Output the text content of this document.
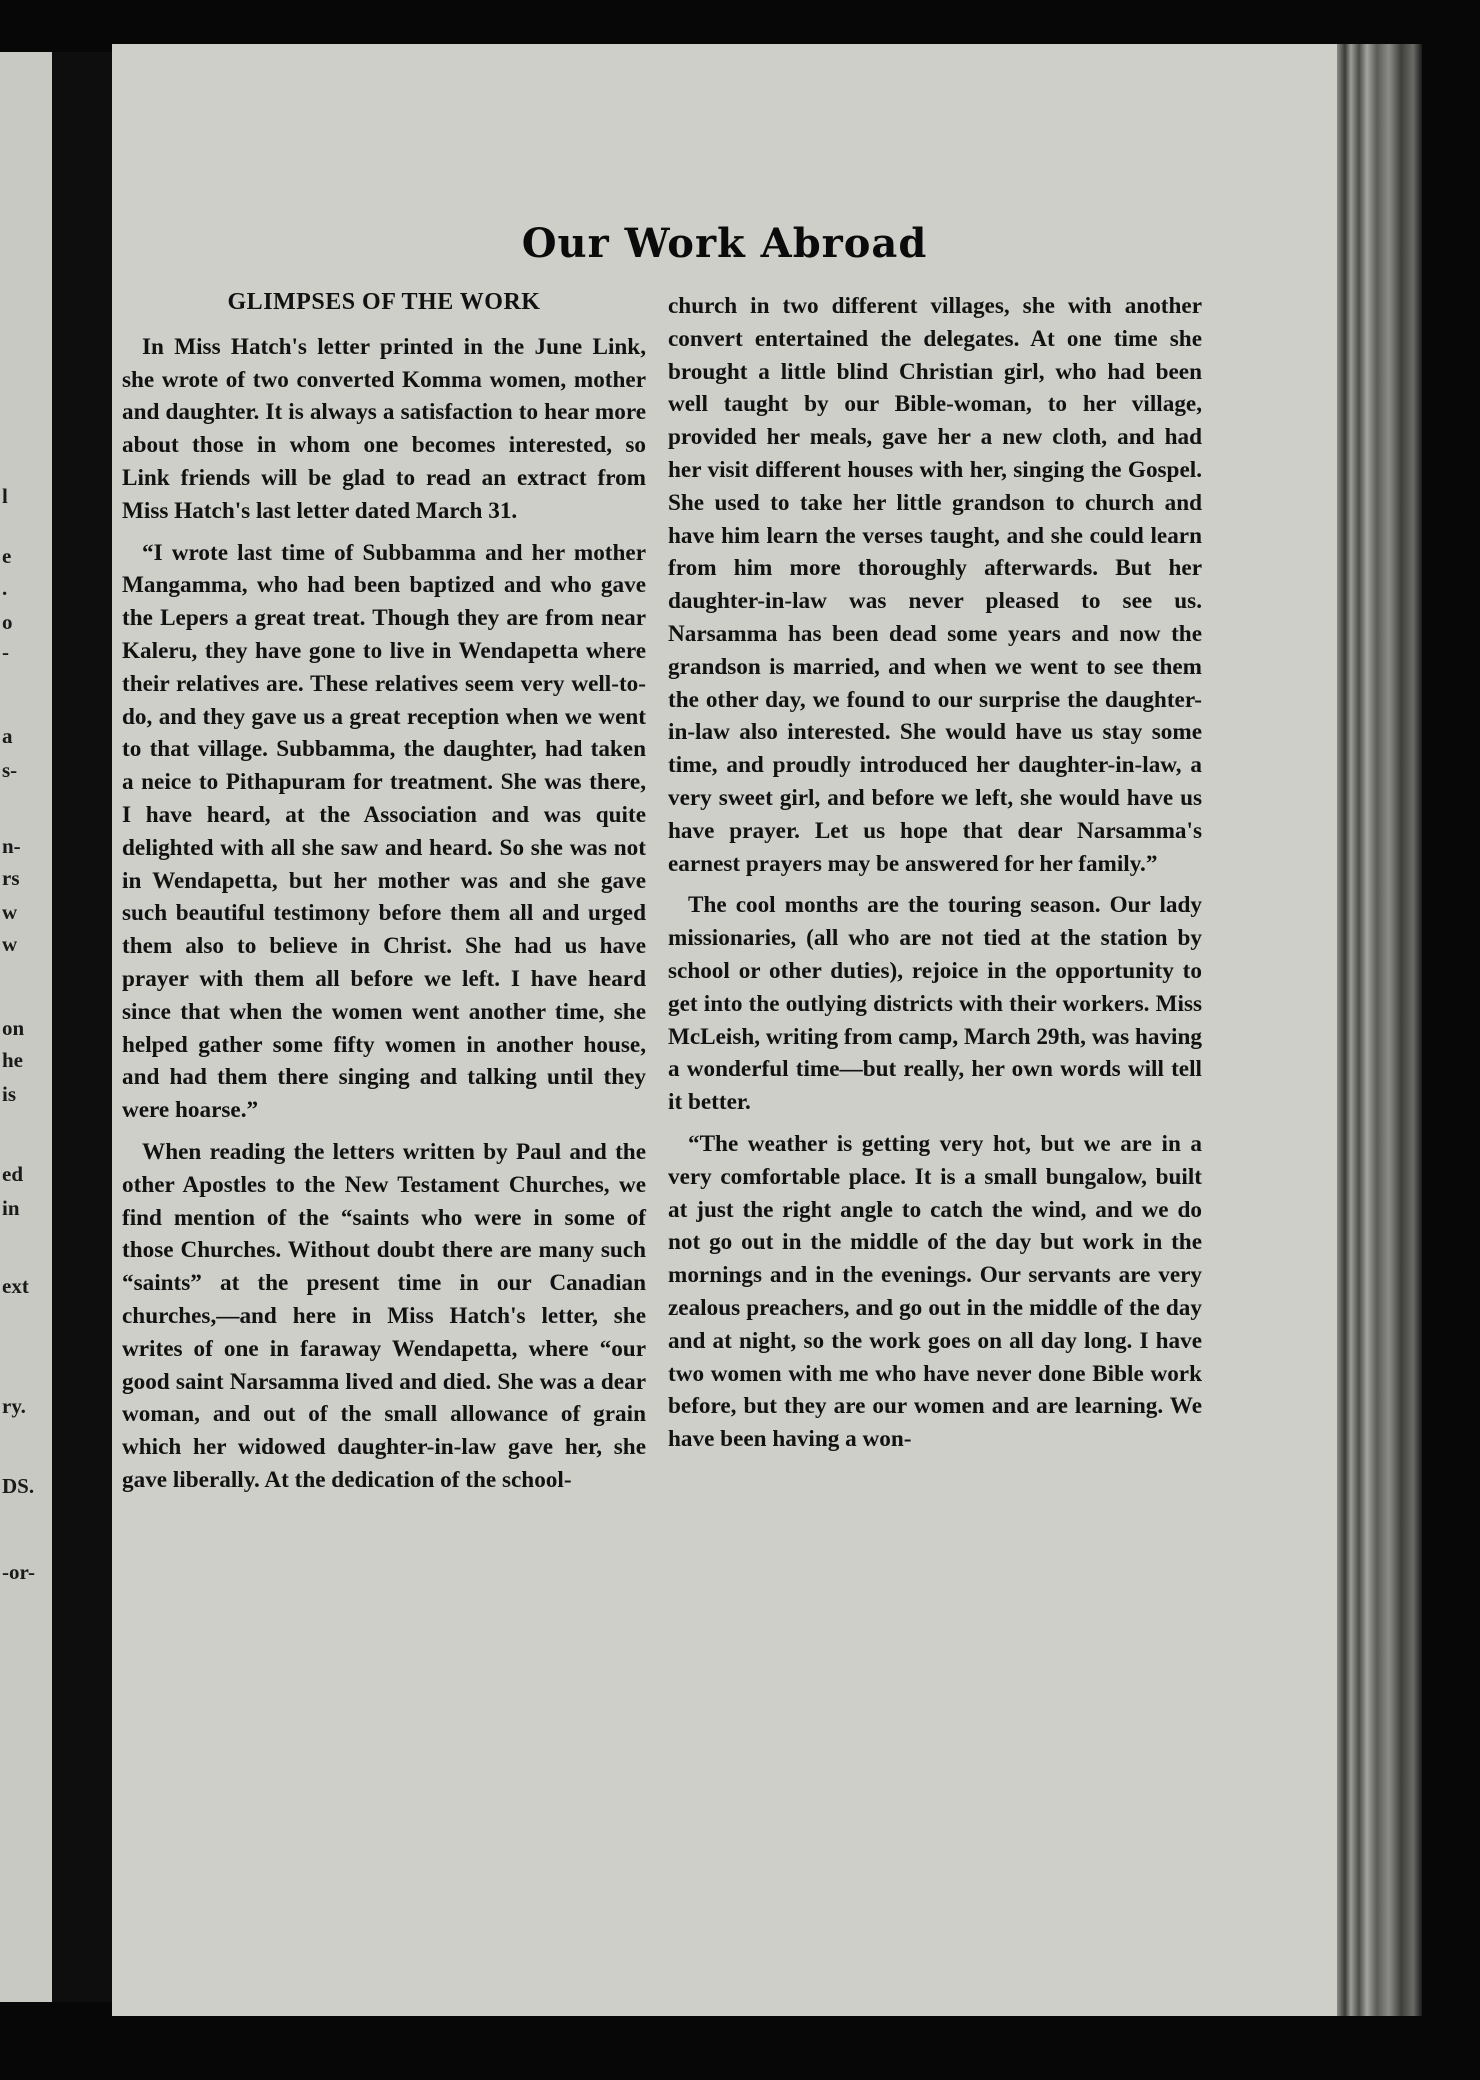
l
e
.
o
-
a
s-
n-
rs
w
w
on
he
is
ed
in
ext
ry.
DS.
-or-
Our Work Abroad
GLIMPSES OF THE WORK

In Miss Hatch's letter printed in the June Link, she wrote of two converted Komma women, mother and daughter. It is always a satisfaction to hear more about those in whom one becomes interested, so Link friends will be glad to read an extract from Miss Hatch's last letter dated March 31.

“I wrote last time of Subbamma and her mother Mangamma, who had been baptized and who gave the Lepers a great treat. Though they are from near Kaleru, they have gone to live in Wendapetta where their relatives are. These relatives seem very well-to-do, and they gave us a great reception when we went to that village. Subbamma, the daughter, had taken a neice to Pithapuram for treatment. She was there, I have heard, at the Association and was quite delighted with all she saw and heard. So she was not in Wendapetta, but her mother was and she gave such beautiful testimony before them all and urged them also to believe in Christ. She had us have prayer with them all before we left. I have heard since that when the women went another time, she helped gather some fifty women in another house, and had them there singing and talking until they were hoarse.”

When reading the letters written by Paul and the other Apostles to the New Testament Churches, we find mention of the “saints who were in some of those Churches. Without doubt there are many such “saints” at the present time in our Canadian churches,—and here in Miss Hatch's letter, she writes of one in faraway Wendapetta, where “our good saint Narsamma lived and died. She was a dear woman, and out of the small allowance of grain which her widowed daughter-in-law gave her, she gave liberally. At the dedication of the school-

church in two different villages, she with another convert entertained the delegates. At one time she brought a little blind Christian girl, who had been well taught by our Bible-woman, to her village, provided her meals, gave her a new cloth, and had her visit different houses with her, singing the Gospel. She used to take her little grandson to church and have him learn the verses taught, and she could learn from him more thoroughly afterwards. But her daughter-in-law was never pleased to see us. Narsamma has been dead some years and now the grandson is married, and when we went to see them the other day, we found to our surprise the daughter-in-law also interested. She would have us stay some time, and proudly introduced her daughter-in-law, a very sweet girl, and before we left, she would have us have prayer. Let us hope that dear Narsamma's earnest prayers may be answered for her family.”

The cool months are the touring season. Our lady missionaries, (all who are not tied at the station by school or other duties), rejoice in the opportunity to get into the outlying districts with their workers. Miss McLeish, writing from camp, March 29th, was having a wonderful time—but really, her own words will tell it better.

“The weather is getting very hot, but we are in a very comfortable place. It is a small bungalow, built at just the right angle to catch the wind, and we do not go out in the middle of the day but work in the mornings and in the evenings. Our servants are very zealous preachers, and go out in the middle of the day and at night, so the work goes on all day long. I have two women with me who have never done Bible work before, but they are our women and are learning. We have been having a won-
